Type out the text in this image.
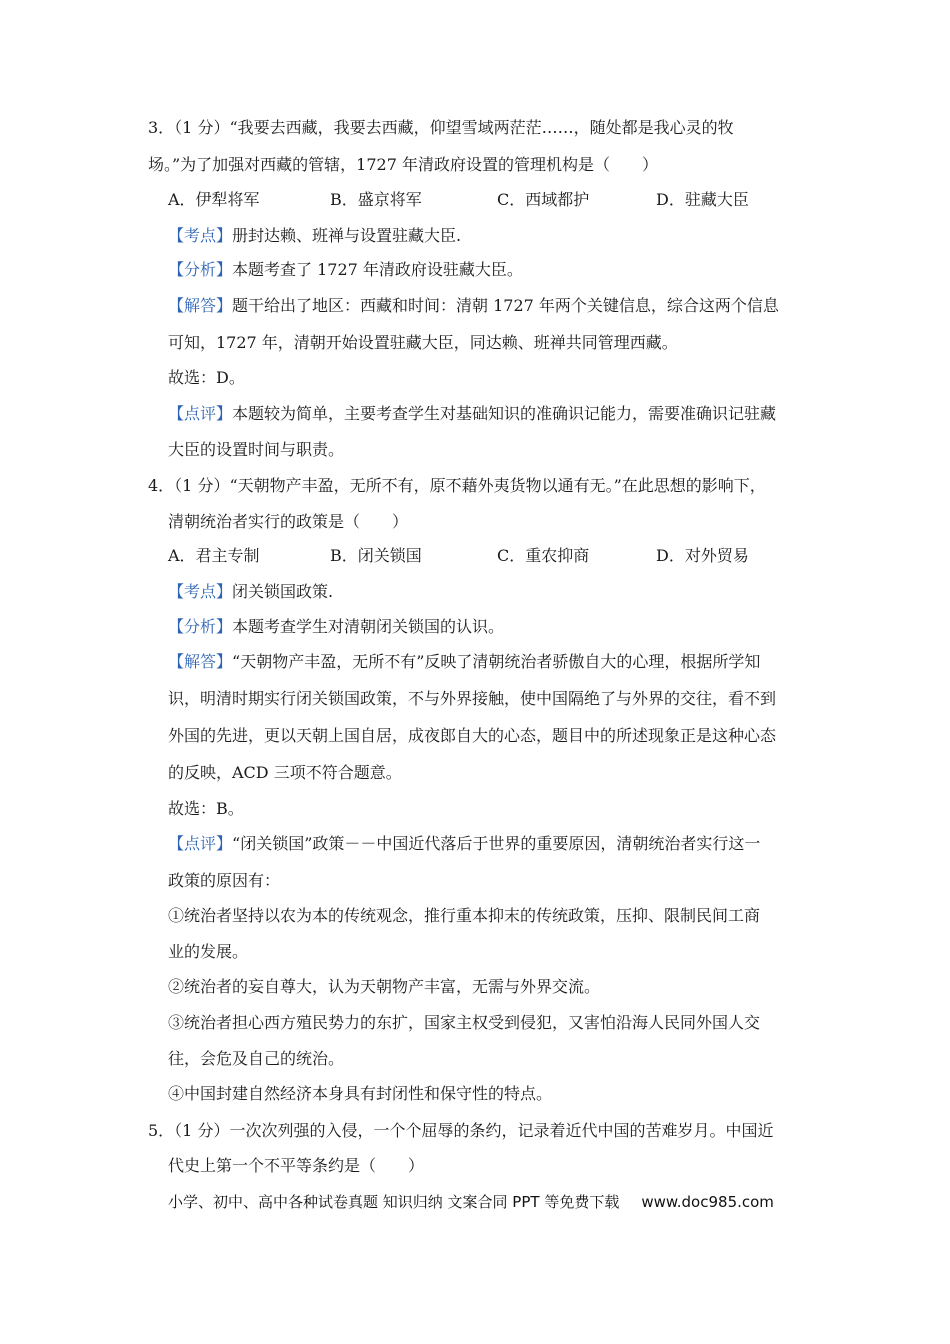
3．（1 分）“我要去西藏，我要去西藏，仰望雪域两茫茫……，随处都是我心灵的牧
场。”为了加强对西藏的管辖，1727 年清政府设置的管理机构是（　　）
A．伊犁将军	B．盛京将军	C．西域都护	D．驻藏大臣
【考点】册封达赖、班禅与设置驻藏大臣.
【分析】本题考查了 1727 年清政府设驻藏大臣。
【解答】题干给出了地区：西藏和时间：清朝 1727 年两个关键信息，综合这两个信息
可知，1727 年，清朝开始设置驻藏大臣，同达赖、班禅共同管理西藏。
故选：D。
【点评】本题较为简单，主要考查学生对基础知识的准确识记能力，需要准确识记驻藏
大臣的设置时间与职责。
4．（1 分）“天朝物产丰盈，无所不有，原不藉外夷货物以通有无。”在此思想的影响下，
清朝统治者实行的政策是（　　）
A．君主专制	B．闭关锁国	C．重农抑商	D．对外贸易
【考点】闭关锁国政策.
【分析】本题考查学生对清朝闭关锁国的认识。
【解答】“天朝物产丰盈，无所不有”反映了清朝统治者骄傲自大的心理，根据所学知
识，明清时期实行闭关锁国政策，不与外界接触，使中国隔绝了与外界的交往，看不到
外国的先进，更以天朝上国自居，成夜郎自大的心态，题目中的所述现象正是这种心态
的反映，ACD 三项不符合题意。
故选：B。
【点评】“闭关锁国”政策－－中国近代落后于世界的重要原因，清朝统治者实行这一
政策的原因有：
①统治者坚持以农为本的传统观念，推行重本抑末的传统政策，压抑、限制民间工商
业的发展。
②统治者的妄自尊大，认为天朝物产丰富，无需与外界交流。
③统治者担心西方殖民势力的东扩，国家主权受到侵犯，又害怕沿海人民同外国人交
往，会危及自己的统治。
④中国封建自然经济本身具有封闭性和保守性的特点。
5．（1 分）一次次列强的入侵，一个个屈辱的条约，记录着近代中国的苦难岁月。中国近
代史上第一个不平等条约是（　　）
小学、初中、高中各种试卷真题 知识归纳 文案合同 PPT 等免费下载 www.doc985.com
